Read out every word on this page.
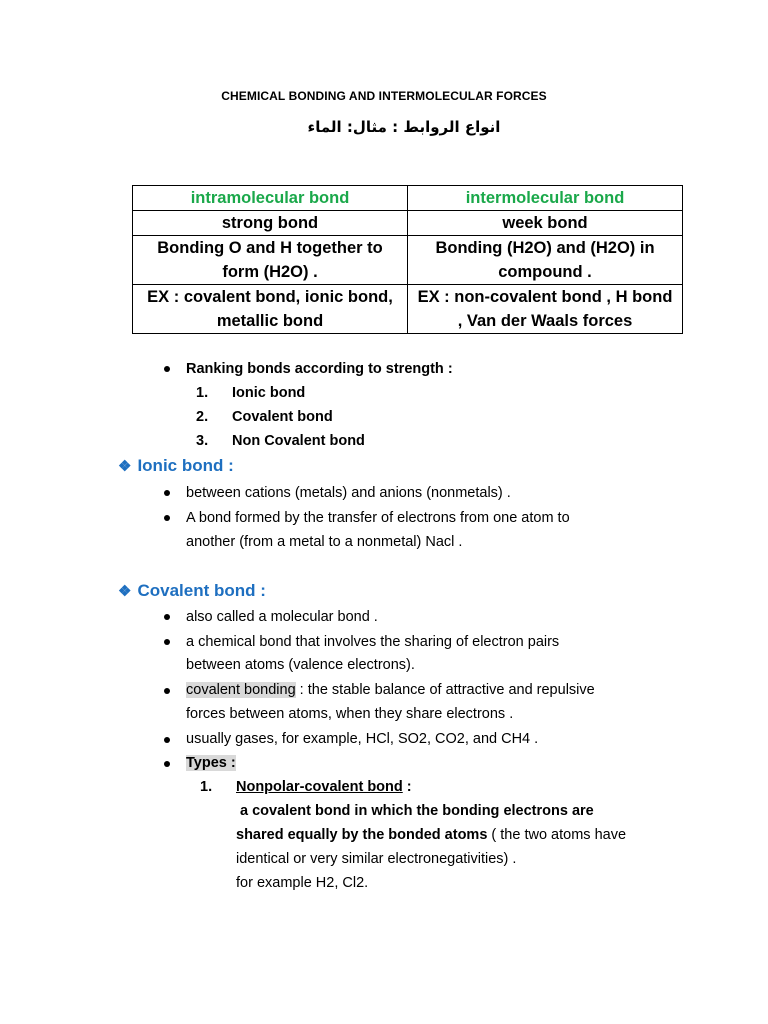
CHEMICAL BONDING AND INTERMOLECULAR FORCES
انواع الروابط : مثال: الماء
intramolecular bond	intermolecular bond
strong bond	week bond
Bonding O and H together to form (H2O) .	Bonding (H2O) and (H2O) in compound .
EX : covalent bond, ionic bond, metallic bond	EX : non-covalent bond , H bond , Van der Waals forces
Ranking bonds according to strength :
1. Ionic bond
2. Covalent bond
3. Non Covalent bond
❖ Ionic bond :
between cations (metals) and anions (nonmetals) .
A bond formed by the transfer of electrons from one atom to
another (from a metal to a nonmetal) Nacl .
❖ Covalent bond :
also called a molecular bond .
a chemical bond that involves the sharing of electron pairs
between atoms (valence electrons).
covalent bonding : the stable balance of attractive and repulsive
forces between atoms, when they share electrons .
usually gases, for example, HCl, SO2, CO2, and CH4 .
Types :
1. Nonpolar-covalent bond :
a covalent bond in which the bonding electrons are
shared equally by the bonded atoms ( the two atoms have
identical or very similar electronegativities) .
for example H2, Cl2.
